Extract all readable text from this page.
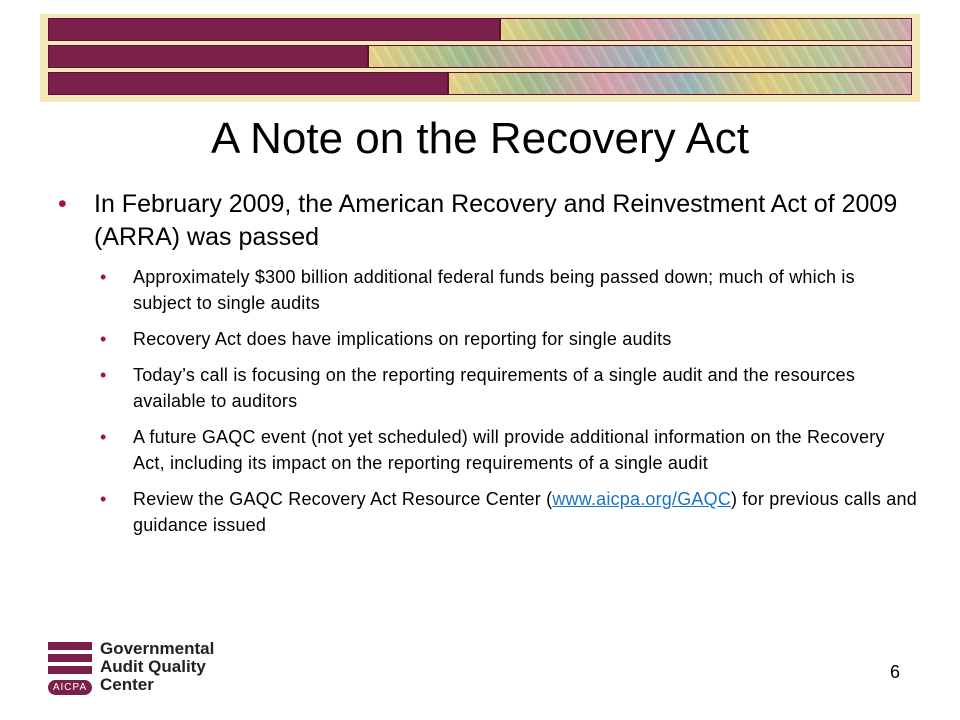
A Note on the Recovery Act
• In February 2009, the American Recovery and Reinvestment Act of 2009 (ARRA) was passed
• Approximately $300 billion additional federal funds being passed down; much of which is subject to single audits
• Recovery Act does have implications on reporting for single audits
• Today’s call is focusing on the reporting requirements of a single audit and the resources available to auditors
• A future GAQC event (not yet scheduled) will provide additional information on the Recovery Act, including its impact on the reporting requirements of a single audit
• Review the GAQC Recovery Act Resource Center (www.aicpa.org/GAQC) for previous calls and guidance issued
AICPA
Governmental
Audit Quality Center
6
